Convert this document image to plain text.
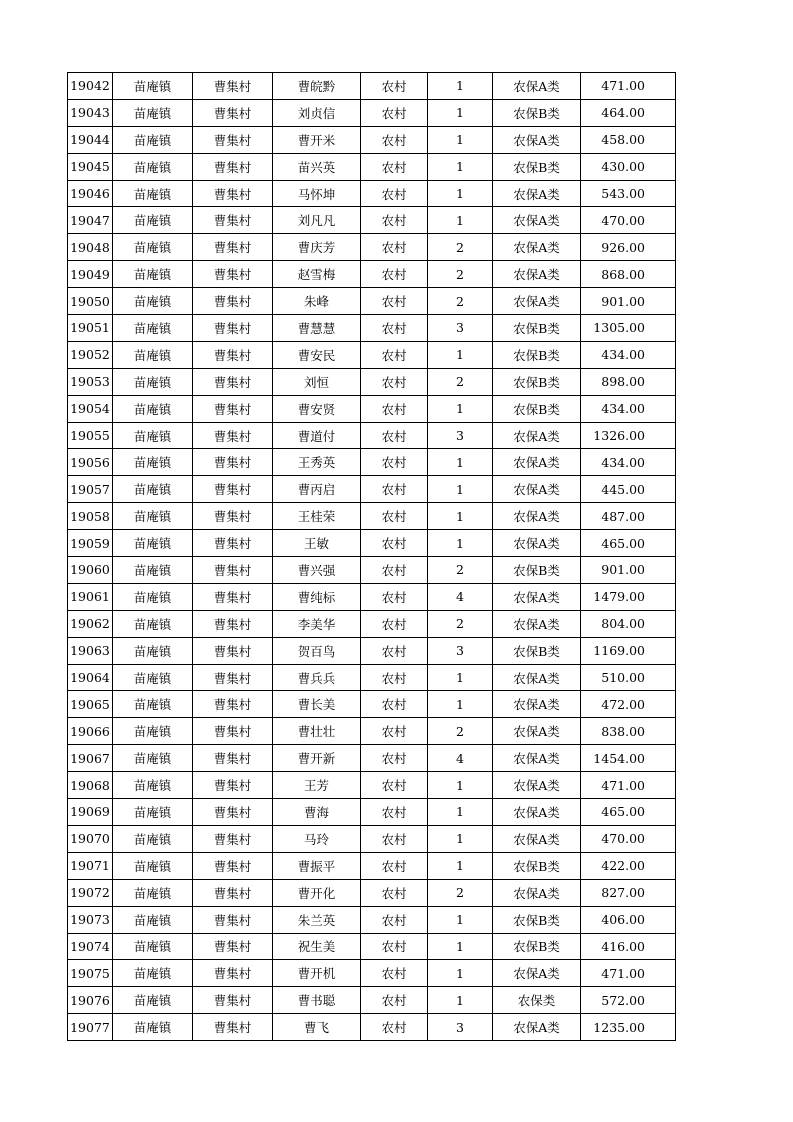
19042	苗庵镇	曹集村	曹皖黔	农村	1	农保A类	471.00
19043	苗庵镇	曹集村	刘贞信	农村	1	农保B类	464.00
19044	苗庵镇	曹集村	曹开米	农村	1	农保A类	458.00
19045	苗庵镇	曹集村	苗兴英	农村	1	农保B类	430.00
19046	苗庵镇	曹集村	马怀坤	农村	1	农保A类	543.00
19047	苗庵镇	曹集村	刘凡凡	农村	1	农保A类	470.00
19048	苗庵镇	曹集村	曹庆芳	农村	2	农保A类	926.00
19049	苗庵镇	曹集村	赵雪梅	农村	2	农保A类	868.00
19050	苗庵镇	曹集村	朱峰	农村	2	农保A类	901.00
19051	苗庵镇	曹集村	曹慧慧	农村	3	农保B类	1305.00
19052	苗庵镇	曹集村	曹安民	农村	1	农保B类	434.00
19053	苗庵镇	曹集村	刘恒	农村	2	农保B类	898.00
19054	苗庵镇	曹集村	曹安贤	农村	1	农保B类	434.00
19055	苗庵镇	曹集村	曹道付	农村	3	农保A类	1326.00
19056	苗庵镇	曹集村	王秀英	农村	1	农保A类	434.00
19057	苗庵镇	曹集村	曹丙启	农村	1	农保A类	445.00
19058	苗庵镇	曹集村	王桂荣	农村	1	农保A类	487.00
19059	苗庵镇	曹集村	王敏	农村	1	农保A类	465.00
19060	苗庵镇	曹集村	曹兴强	农村	2	农保B类	901.00
19061	苗庵镇	曹集村	曹纯标	农村	4	农保A类	1479.00
19062	苗庵镇	曹集村	李美华	农村	2	农保A类	804.00
19063	苗庵镇	曹集村	贺百鸟	农村	3	农保B类	1169.00
19064	苗庵镇	曹集村	曹兵兵	农村	1	农保A类	510.00
19065	苗庵镇	曹集村	曹长美	农村	1	农保A类	472.00
19066	苗庵镇	曹集村	曹壮壮	农村	2	农保A类	838.00
19067	苗庵镇	曹集村	曹开新	农村	4	农保A类	1454.00
19068	苗庵镇	曹集村	王芳	农村	1	农保A类	471.00
19069	苗庵镇	曹集村	曹海	农村	1	农保A类	465.00
19070	苗庵镇	曹集村	马玲	农村	1	农保A类	470.00
19071	苗庵镇	曹集村	曹振平	农村	1	农保B类	422.00
19072	苗庵镇	曹集村	曹开化	农村	2	农保A类	827.00
19073	苗庵镇	曹集村	朱兰英	农村	1	农保B类	406.00
19074	苗庵镇	曹集村	祝生美	农村	1	农保B类	416.00
19075	苗庵镇	曹集村	曹开机	农村	1	农保A类	471.00
19076	苗庵镇	曹集村	曹书聪	农村	1	农保类	572.00
19077	苗庵镇	曹集村	曹飞	农村	3	农保A类	1235.00
